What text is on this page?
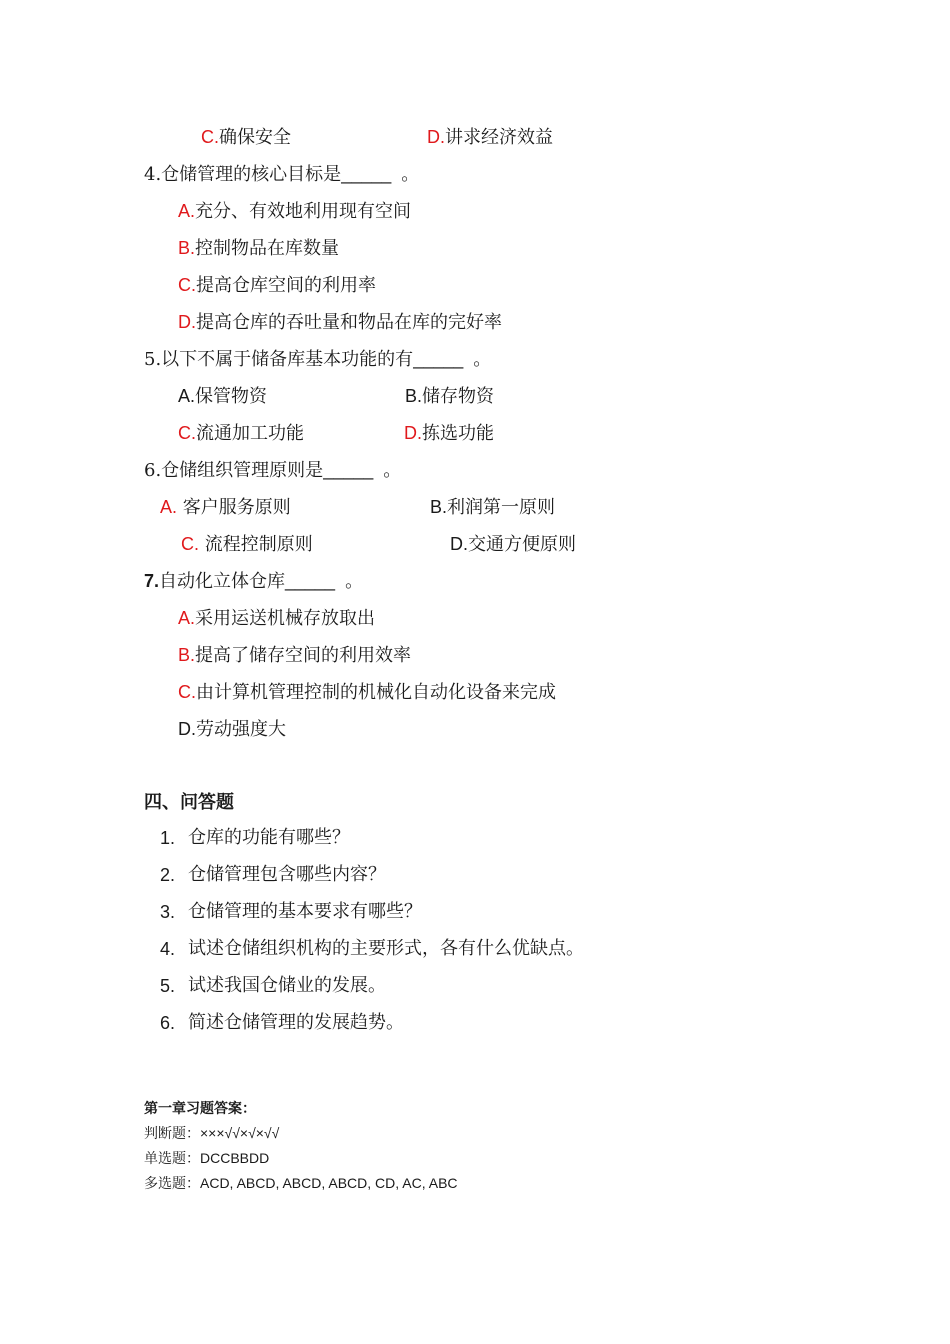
C.确保安全	D.讲求经济效益
4.仓储管理的核心目标是_____ 。
A.充分、有效地利用现有空间
B.控制物品在库数量
C.提高仓库空间的利用率
D.提高仓库的吞吐量和物品在库的完好率
5.以下不属于储备库基本功能的有_____ 。
A.保管物资	B.储存物资
C.流通加工功能	D.拣选功能
6.仓储组织管理原则是_____ 。
A. 客户服务原则	B.利润第一原则
C. 流程控制原则	D.交通方便原则
7.自动化立体仓库_____ 。
A.采用运送机械存放取出
B.提高了储存空间的利用效率
C.由计算机管理控制的机械化自动化设备来完成
D.劳动强度大
四、问答题
1. 仓库的功能有哪些？
2. 仓储管理包含哪些内容？
3. 仓储管理的基本要求有哪些？
4. 试述仓储组织机构的主要形式，各有什么优缺点。
5. 试述我国仓储业的发展。
6. 简述仓储管理的发展趋势。
第一章习题答案：
判断题：×××√√×√×√√
单选题：DCCBBDD
多选题：ACD, ABCD, ABCD, ABCD, CD, AC, ABC
